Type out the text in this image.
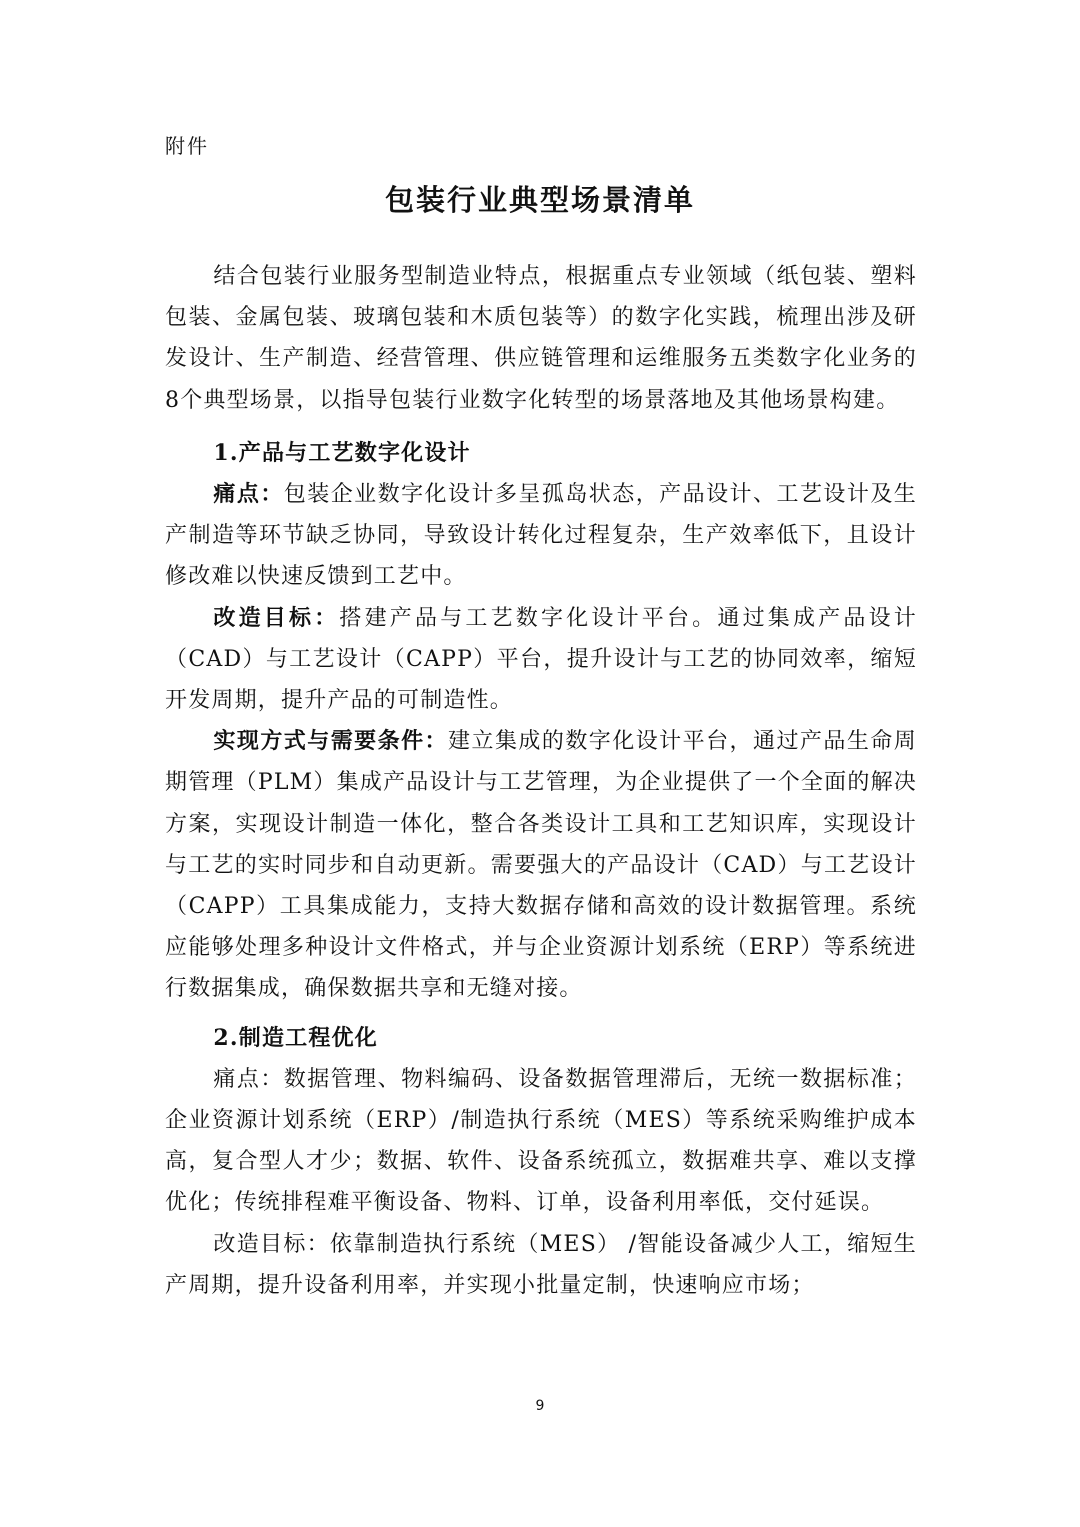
附件
包装行业典型场景清单

结合包装行业服务型制造业特点，根据重点专业领域（纸包装、塑料包装、金属包装、玻璃包装和木质包装等）的数字化实践，梳理出涉及研发设计、生产制造、经营管理、供应链管理和运维服务五类数字化业务的8个典型场景，以指导包装行业数字化转型的场景落地及其他场景构建。

1.产品与工艺数字化设计

痛点：包装企业数字化设计多呈孤岛状态，产品设计、工艺设计及生产制造等环节缺乏协同，导致设计转化过程复杂，生产效率低下，且设计修改难以快速反馈到工艺中。

改造目标：搭建产品与工艺数字化设计平台。通过集成产品设计（CAD）与工艺设计（CAPP）平台，提升设计与工艺的协同效率，缩短开发周期，提升产品的可制造性。

实现方式与需要条件：建立集成的数字化设计平台，通过产品生命周期管理（PLM）集成产品设计与工艺管理，为企业提供了一个全面的解决方案，实现设计制造一体化，整合各类设计工具和工艺知识库，实现设计与工艺的实时同步和自动更新。需要强大的产品设计（CAD）与工艺设计（CAPP）工具集成能力，支持大数据存储和高效的设计数据管理。系统应能够处理多种设计文件格式，并与企业资源计划系统（ERP）等系统进行数据集成，确保数据共享和无缝对接。

2.制造工程优化

痛点：数据管理、物料编码、设备数据管理滞后，无统一数据标准；企业资源计划系统（ERP）/制造执行系统（MES）等系统采购维护成本高，复合型人才少；数据、软件、设备系统孤立，数据难共享、难以支撑优化；传统排程难平衡设备、物料、订单，设备利用率低，交付延误。

改造目标：依靠制造执行系统（MES） /智能设备减少人工，缩短生产周期，提升设备利用率，并实现小批量定制，快速响应市场；

9
